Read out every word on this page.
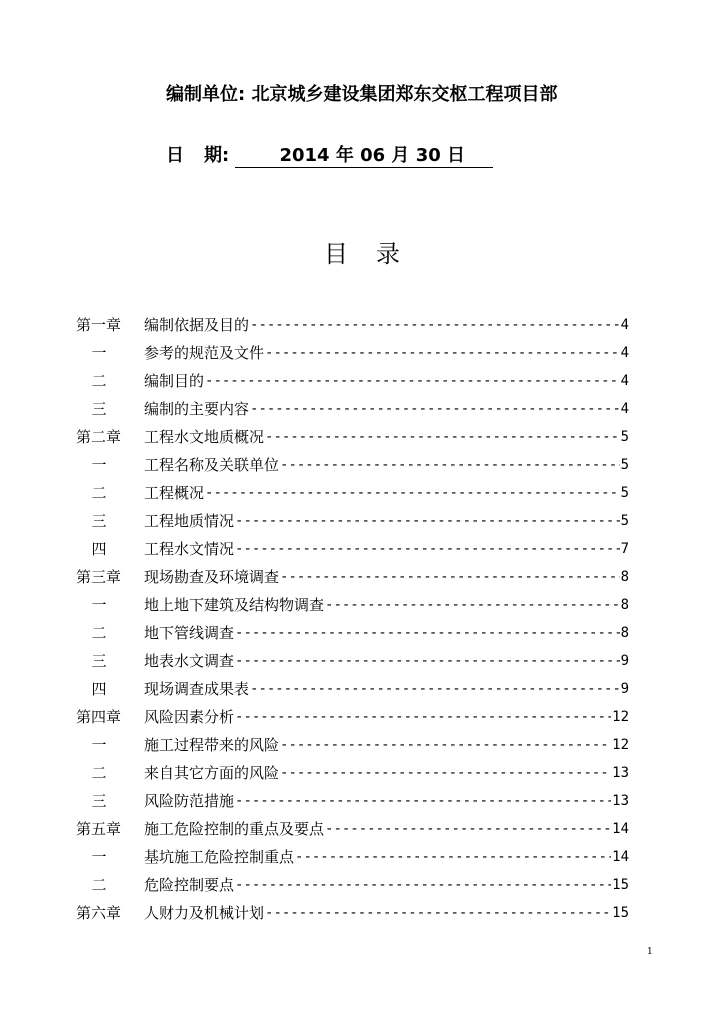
编制单位: 北京城乡建设集团郑东交枢工程项目部
日 期:	2014 年 06 月 30 日
目录
第一章	编制依据及目的 -----	4
一	参考的规范及文件 -----	4
二	编制目的 -----	4
三	编制的主要内容 -----	4
第二章	工程水文地质概况 -----	5
一	工程名称及关联单位 -----	5
二	工程概况 -----	5
三	工程地质情况 -----	5
四	工程水文情况 -----	7
第三章	现场勘查及环境调查 -----	8
一	地上地下建筑及结构物调查 -----	8
二	地下管线调查 -----	8
三	地表水文调查 -----	9
四	现场调查成果表 -----	9
第四章	风险因素分析 -----	12
一	施工过程带来的风险 -----	12
二	来自其它方面的风险 -----	13
三	风险防范措施 -----	13
第五章	施工危险控制的重点及要点 -----	14
一	基坑施工危险控制重点 -----	14
二	危险控制要点 -----	15
第六章	人财力及机械计划 -----	15
1
